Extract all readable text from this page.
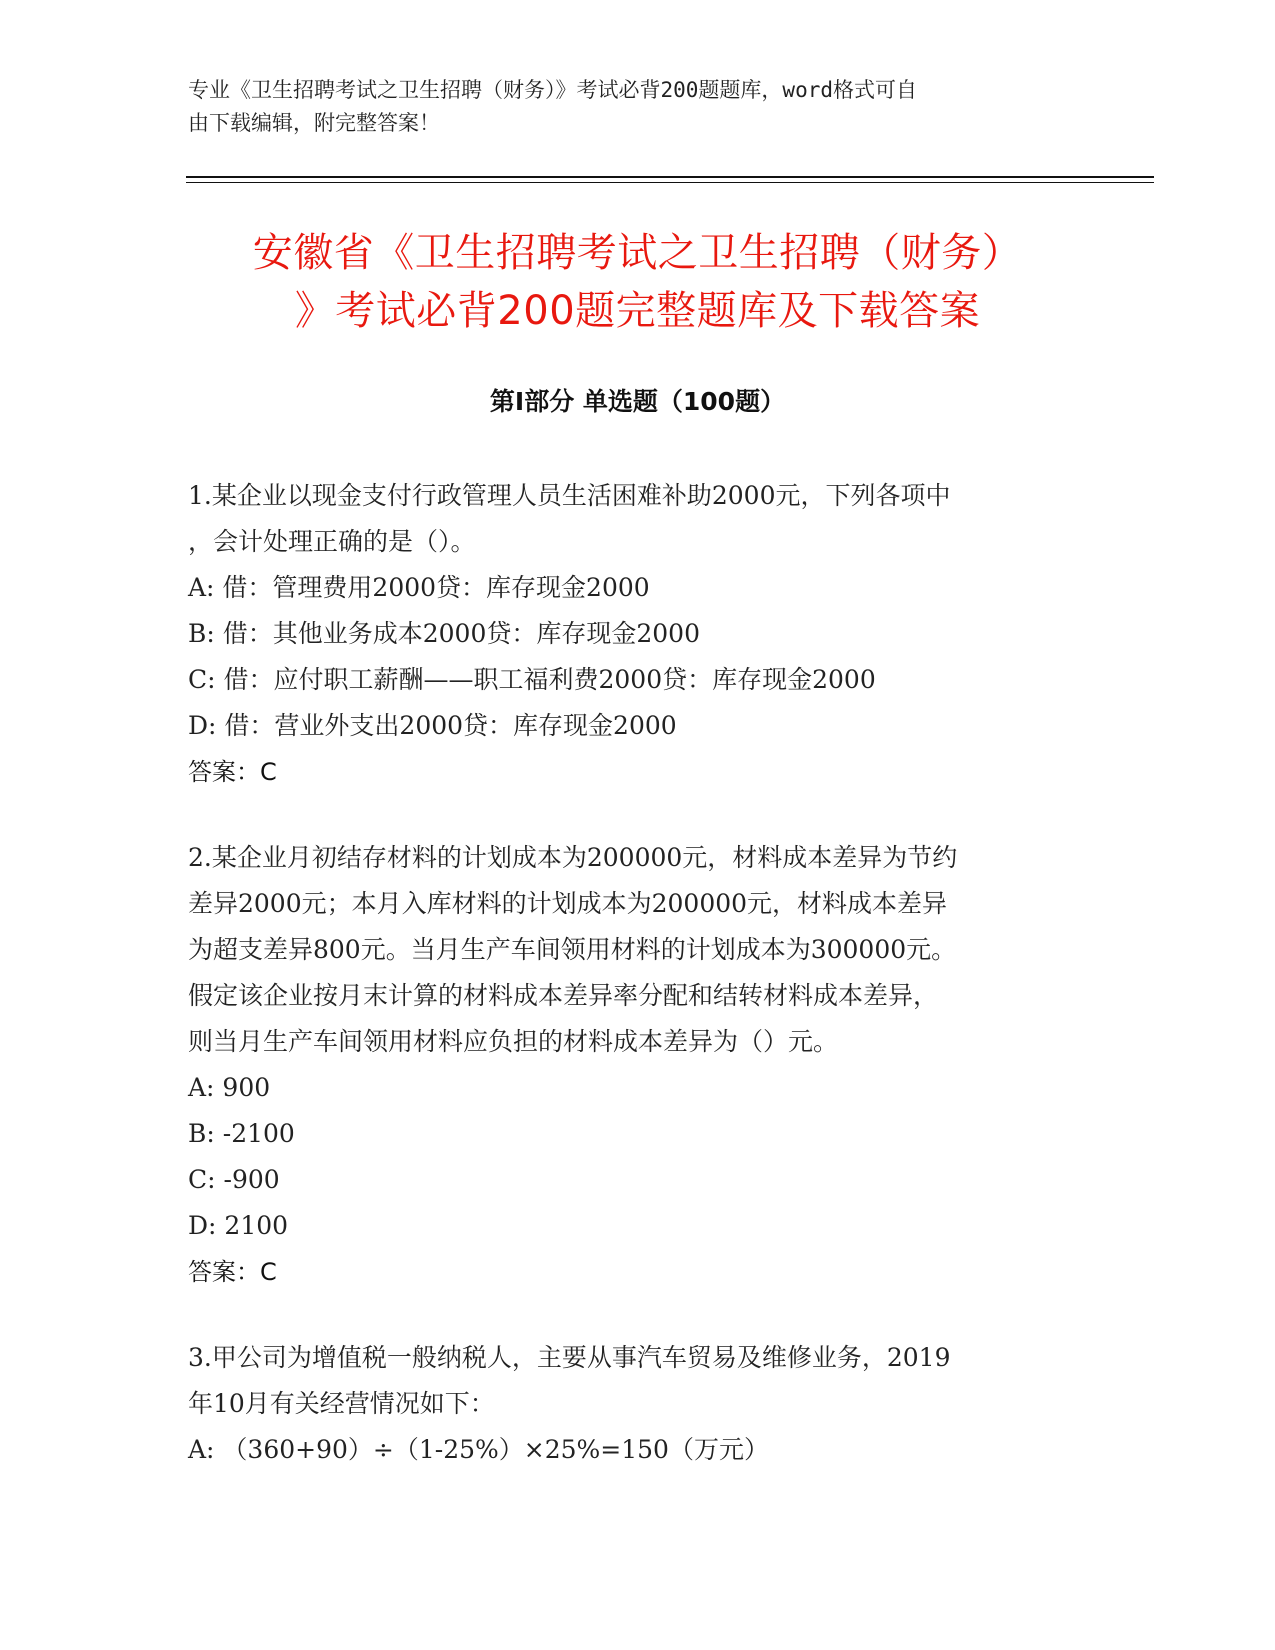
专业《卫生招聘考试之卫生招聘（财务）》考试必背200题题库，word格式可自
由下载编辑，附完整答案！
安徽省《卫生招聘考试之卫生招聘（财务）
》考试必背200题完整题库及下载答案
第Ⅰ部分 单选题（100题）
1.某企业以现金支付行政管理人员生活困难补助2000元，下列各项中
，会计处理正确的是（）。
A: 借：管理费用2000贷：库存现金2000
B: 借：其他业务成本2000贷：库存现金2000
C: 借：应付职工薪酬——职工福利费2000贷：库存现金2000
D: 借：营业外支出2000贷：库存现金2000
答案：C
2.某企业月初结存材料的计划成本为200000元，材料成本差异为节约
差异2000元；本月入库材料的计划成本为200000元，材料成本差异
为超支差异800元。当月生产车间领用材料的计划成本为300000元。
假定该企业按月末计算的材料成本差异率分配和结转材料成本差异，
则当月生产车间领用材料应负担的材料成本差异为（）元。
A: 900
B: -2100
C: -900
D: 2100
答案：C
3.甲公司为增值税一般纳税人，主要从事汽车贸易及维修业务，2019
年10月有关经营情况如下：
A: （360+90）÷（1-25%）×25%=150（万元）
